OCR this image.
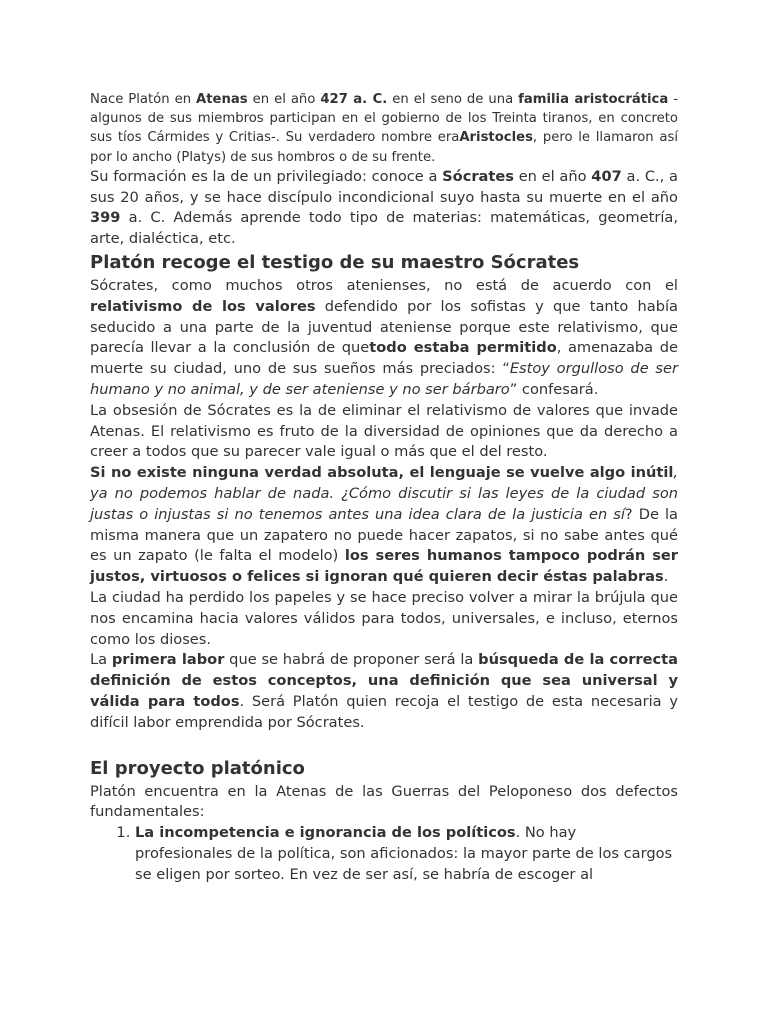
Nace Platón en Atenas en el año 427 a. C. en el seno de una familia aristocrática -algunos de sus miembros participan en el gobierno de los Treinta tiranos, en concreto sus tíos Cármides y Critias-. Su verdadero nombre eraAristocles, pero le llamaron así por lo ancho (Platys) de sus hombros o de su frente.

Su formación es la de un privilegiado: conoce a Sócrates en el año 407 a. C., a sus 20 años, y se hace discípulo incondicional suyo hasta su muerte en el año 399 a. C. Además aprende todo tipo de materias: matemáticas, geometría, arte, dialéctica, etc.

Platón recoge el testigo de su maestro Sócrates

Sócrates, como muchos otros atenienses, no está de acuerdo con el relativismo de los valores defendido por los sofistas y que tanto había seducido a una parte de la juventud ateniense porque este relativismo, que parecía llevar a la conclusión de quetodo estaba permitido, amenazaba de muerte su ciudad, uno de sus sueños más preciados: “Estoy orgulloso de ser humano y no animal, y de ser ateniense y no ser bárbaro” confesará.

La obsesión de Sócrates es la de eliminar el relativismo de valores que invade Atenas. El relativismo es fruto de la diversidad de opiniones que da derecho a creer a todos que su parecer vale igual o más que el del resto.

Si no existe ninguna verdad absoluta, el lenguaje se vuelve algo inútil, ya no podemos hablar de nada. ¿Cómo discutir si las leyes de la ciudad son justas o injustas si no tenemos antes una idea clara de la justicia en sí? De la misma manera que un zapatero no puede hacer zapatos, si no sabe antes qué es un zapato (le falta el modelo) los seres humanos tampoco podrán ser justos, virtuosos o felices si ignoran qué quieren decir éstas palabras.

La ciudad ha perdido los papeles y se hace preciso volver a mirar la brújula que nos encamina hacia valores válidos para todos, universales, e incluso, eternos como los dioses.

La primera labor que se habrá de proponer será la búsqueda de la correcta definición de estos conceptos, una definición que sea universal y válida para todos. Será Platón quien recoja el testigo de esta necesaria y difícil labor emprendida por Sócrates.

El proyecto platónico

Platón encuentra en la Atenas de las Guerras del Peloponeso dos defectos fundamentales:

1. La incompetencia e ignorancia de los políticos. No hay profesionales de la política, son aficionados: la mayor parte de los cargos se eligen por sorteo. En vez de ser así, se habría de escoger al
